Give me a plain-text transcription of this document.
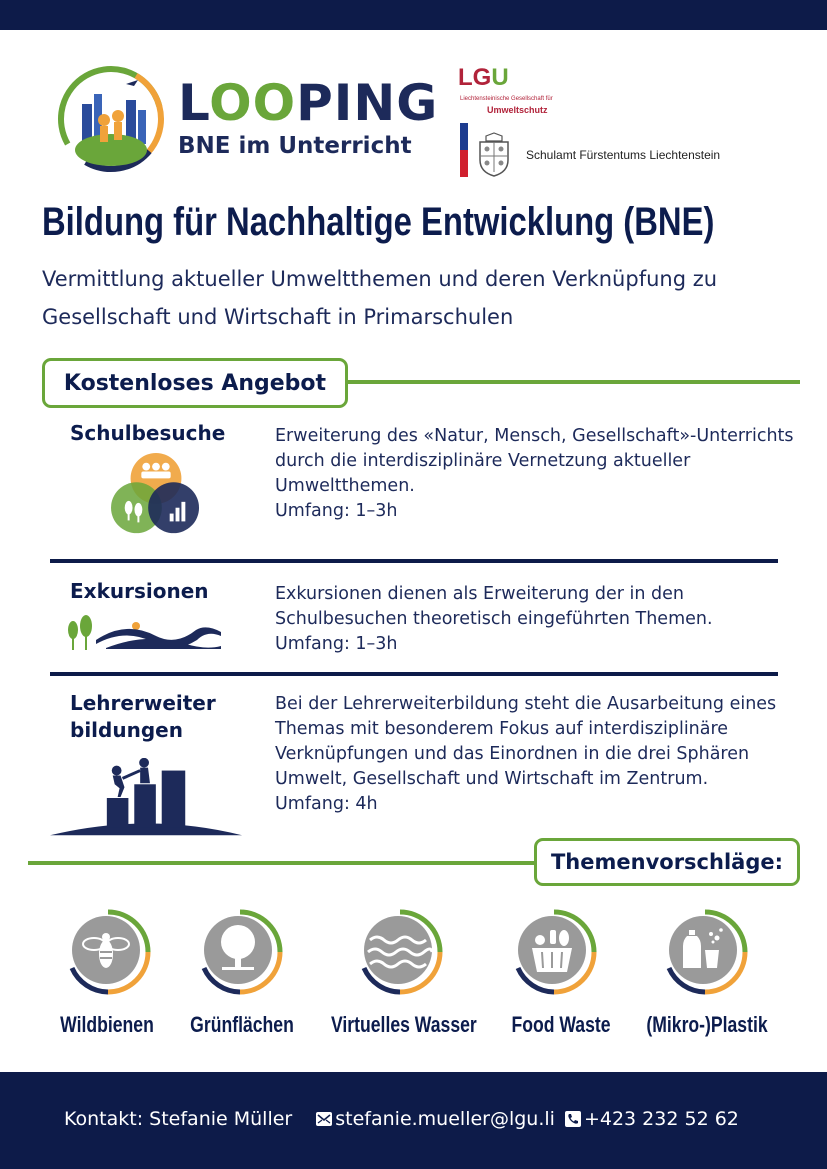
LOOPING
BNE im Unterricht
LGU
Liechtensteinische Gesellschaft für
Umweltschutz
Schulamt Fürstentums Liechtenstein
Bildung für Nachhaltige Entwicklung (BNE)

Vermittlung aktueller Umweltthemen und deren Verknüpfung zu Gesellschaft und Wirtschaft in Primarschulen

Kostenloses Angebot
Schulbesuche	Erweiterung des «Natur, Mensch, Gesellschaft»-Unterrichts durch die interdisziplinäre Vernetzung aktueller Umweltthemen.
Umfang: 1–3h
Exkursionen	Exkursionen dienen als Erweiterung der in den Schulbesuchen theoretisch eingeführten Themen.
Umfang: 1–3h
Lehrerweiter bildungen
Bei der Lehrerweiterbildung steht die Ausarbeitung eines Themas mit besonderem Fokus auf interdisziplinäre Verknüpfungen und das Einordnen in die drei Sphären Umwelt, Gesellschaft und Wirtschaft im Zentrum.
Umfang: 4h
Themenvorschläge:
Wildbienen	Grünflächen	Virtuelles Wasser	Food Waste	(Mikro-)Plastik
Kontakt: Stefanie Müller stefanie.mueller@lgu.li +423 232 52 62
